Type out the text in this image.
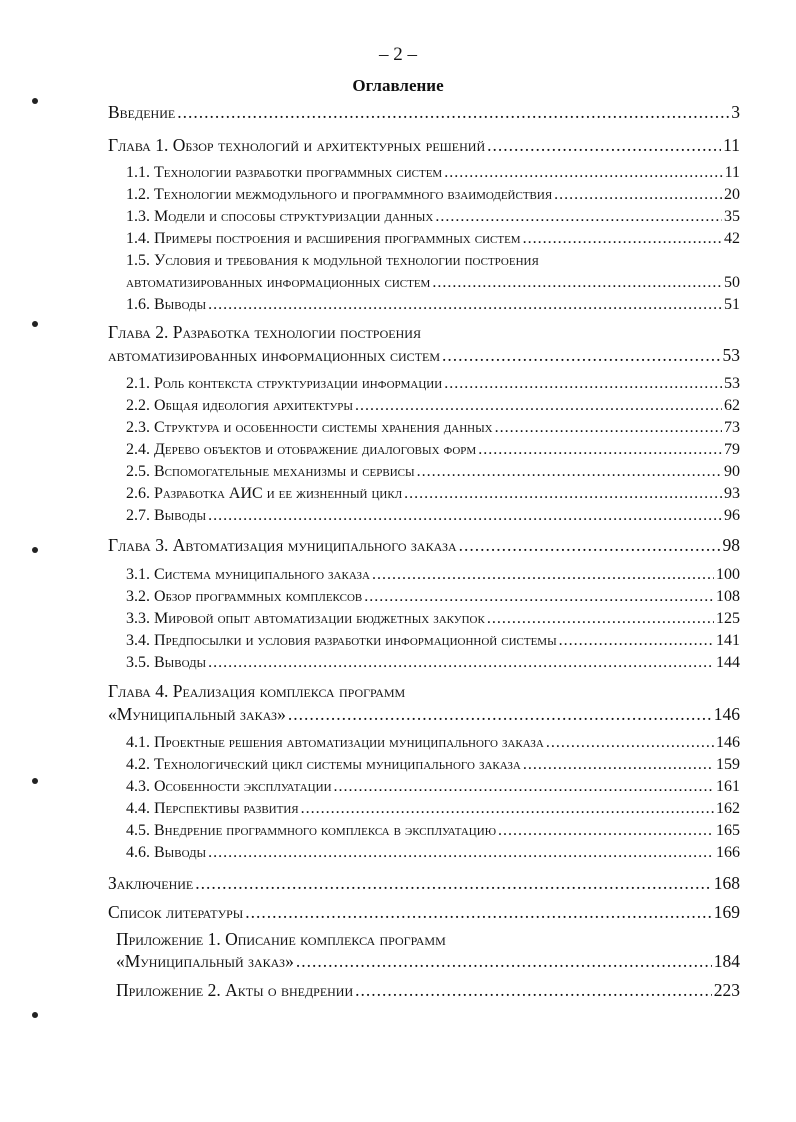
– 2 –
Оглавление
Введение .....	3
Глава 1. Обзор технологий и архитектурных решений .....	11
1.1. Технологии разработки программных систем .....	11
1.2. Технологии межмодульного и программного взаимодействия .....	20
1.3. Модели и способы структуризации данных .....	35
1.4. Примеры построения и расширения программных систем .....	42
1.5. Условия и требования к модульной технологии построения
автоматизированных информационных систем .....	50
1.6. Выводы .....	51
Глава 2. Разработка технологии построения
автоматизированных информационных систем .....	53
2.1. Роль контекста структуризации информации .....	53
2.2. Общая идеология архитектуры .....	62
2.3. Структура и особенности системы хранения данных .....	73
2.4. Дерево объектов и отображение диалоговых форм .....	79
2.5. Вспомогательные механизмы и сервисы .....	90
2.6. Разработка АИС и ее жизненный цикл .....	93
2.7. Выводы .....	96
Глава 3. Автоматизация муниципального заказа .....	98
3.1. Система муниципального заказа .....	100
3.2. Обзор программных комплексов .....	108
3.3. Мировой опыт автоматизации бюджетных закупок .....	125
3.4. Предпосылки и условия разработки информационной системы .....	141
3.5. Выводы .....	144
Глава 4. Реализация комплекса программ
«Муниципальный заказ» .....	146
4.1. Проектные решения автоматизации муниципального заказа .....	146
4.2. Технологический цикл системы муниципального заказа .....	159
4.3. Особенности эксплуатации .....	161
4.4. Перспективы развития .....	162
4.5. Внедрение программного комплекса в эксплуатацию .....	165
4.6. Выводы .....	166
Заключение .....	168
Список литературы .....	169
Приложение 1. Описание комплекса программ
«Муниципальный заказ» .....	184
Приложение 2. Акты о внедрении .....	223
